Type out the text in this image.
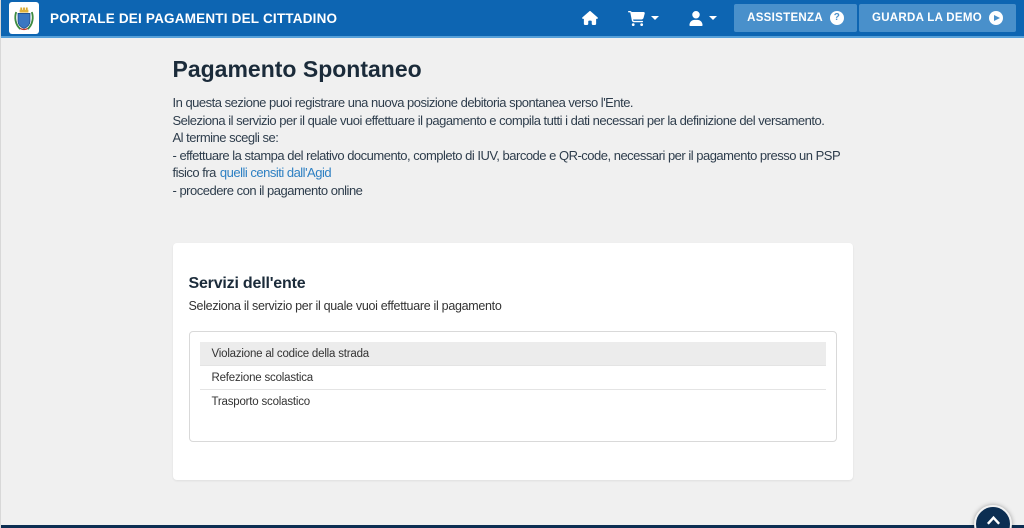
PORTALE DEI PAGAMENTI DEL CITTADINO	ASSISTENZA	?	GUARDA LA DEMO
Pagamento Spontaneo
In questa sezione puoi registrare una nuova posizione debitoria spontanea verso l'Ente.
Seleziona il servizio per il quale vuoi effettuare il pagamento e compila tutti i dati necessari per la definizione del versamento.
Al termine scegli se:
- effettuare la stampa del relativo documento, completo di IUV, barcode e QR-code, necessari per il pagamento presso un PSP
fisico fra quelli censiti dall'Agid
- procedere con il pagamento online
Servizi dell'ente
Seleziona il servizio per il quale vuoi effettuare il pagamento
Violazione al codice della strada
Refezione scolastica
Trasporto scolastico
